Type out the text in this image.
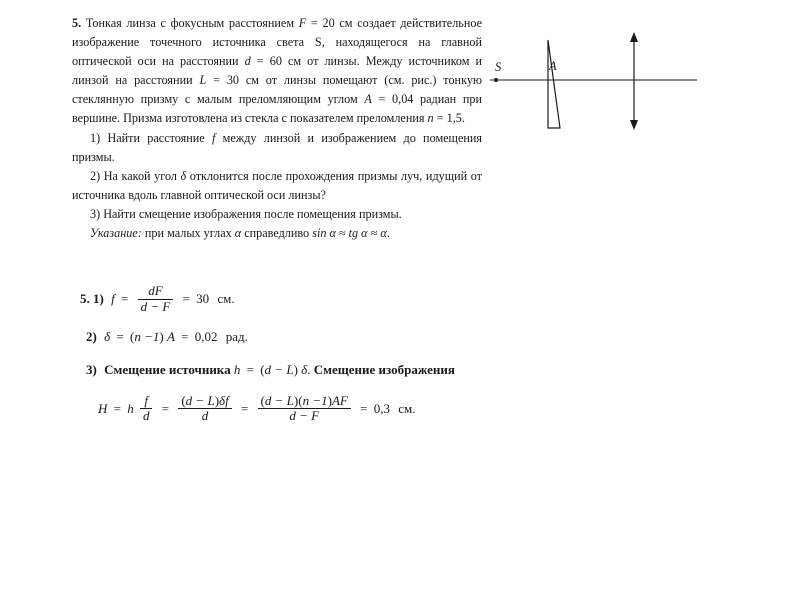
5. Тонкая линза с фокусным расстоянием F = 20 см создает действительное изображение точечного источника света S, находящегося на главной оптической оси на расстоянии d = 60 см от линзы. Между источником и линзой на расстоянии L = 30 см от линзы помещают (см. рис.) тонкую стеклянную призму с малым преломляющим углом A = 0,04 радиан при вершине. Призма изготовлена из стекла с показателем преломления n = 1,5.

1) Найти расстояние f между линзой и изображением до помещения призмы.

2) На какой угол δ отклонится после прохождения призмы луч, идущий от источника вдоль главной оптической оси линзы?

3) Найти смещение изображения после помещения призмы.

Указание: при малых углах α справедливо sin α ≈ tg α ≈ α.

S	A
5. 1) $f = \frac{dF}{d - F} = 30$ см.
2) δ = (n −1) A = 0,02 рад.
3) Смещение источника h = (d − L) δ. Смещение изображения
H = h $\frac{f}{d} = \frac{(d - L)\delta f}{d} = \frac{(d - L)(n -1)AF}{d - F} = 0,3$ см.
